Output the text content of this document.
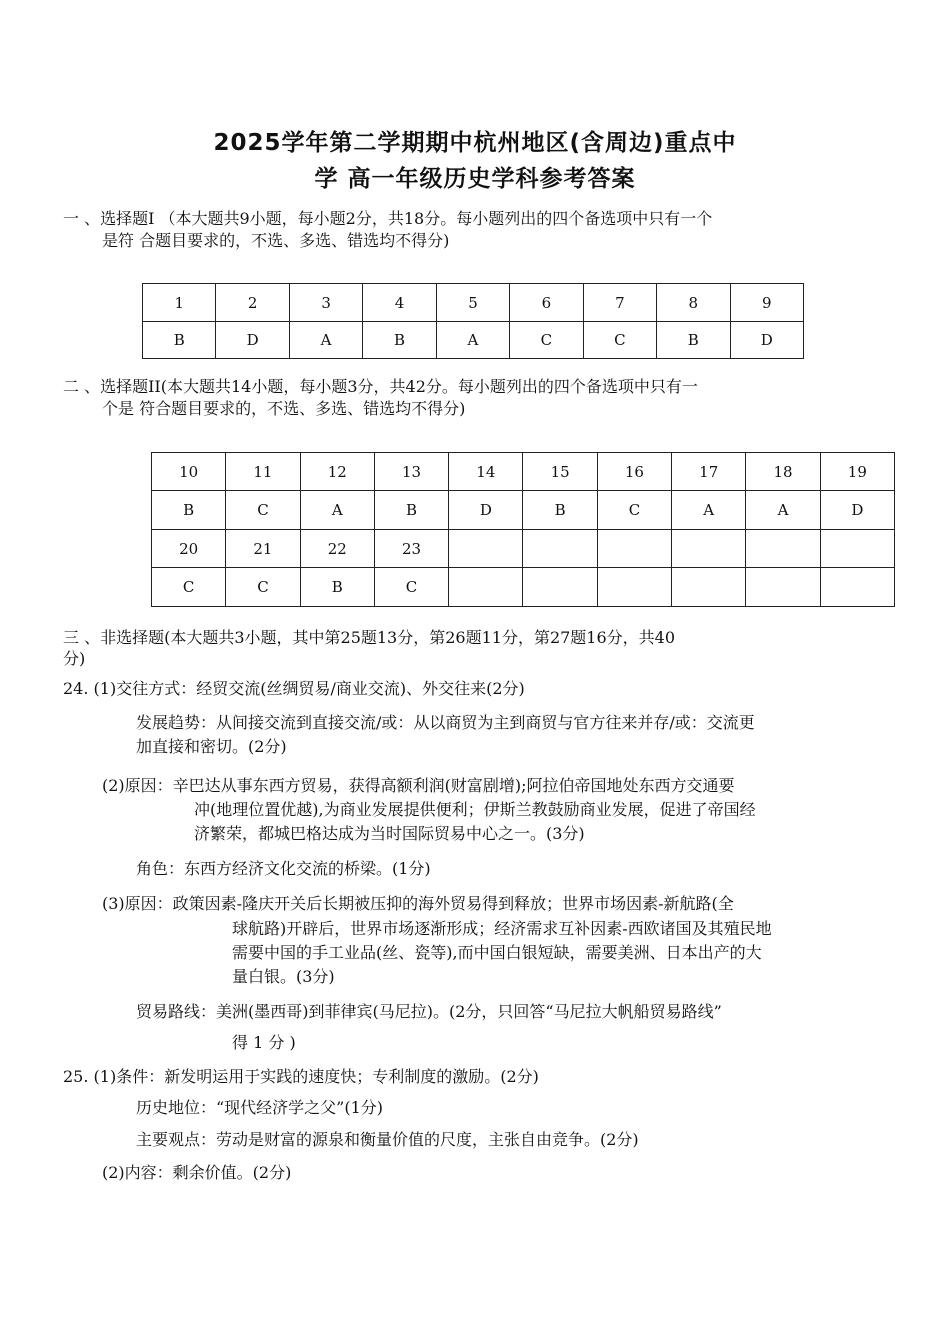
2025学年第二学期期中杭州地区(含周边)重点中
学 高一年级历史学科参考答案
一 、选择题I （本大题共9小题，每小题2分，共18分。每小题列出的四个备选项中只有一个
是符 合题目要求的，不选、多选、错选均不得分)
1	2	3	4	5	6	7	8	9
B	D	A	B	A	C	C	B	D
二 、选择题II(本大题共14小题，每小题3分，共42分。每小题列出的四个备选项中只有一
个是 符合题目要求的，不选、多选、错选均不得分)
10	11	12	13	14	15	16	17	18	19
B	C	A	B	D	B	C	A	A	D
20	21	22	23						
C	C	B	C						
三 、非选择题(本大题共3小题，其中第25题13分，第26题11分，第27题16分，共40
分)
24. (1)交往方式：经贸交流(丝绸贸易/商业交流)、外交往来(2分)
发展趋势：从间接交流到直接交流/或：从以商贸为主到商贸与官方往来并存/或：交流更
加直接和密切。(2分)
(2)原因：辛巴达从事东西方贸易，获得高额利润(财富剧增);阿拉伯帝国地处东西方交通要
冲(地理位置优越),为商业发展提供便利；伊斯兰教鼓励商业发展，促进了帝国经
济繁荣，都城巴格达成为当时国际贸易中心之一。(3分)
角色：东西方经济文化交流的桥梁。(1分)
(3)原因：政策因素-隆庆开关后长期被压抑的海外贸易得到释放；世界市场因素-新航路(全
球航路)开辟后，世界市场逐渐形成；经济需求互补因素-西欧诸国及其殖民地
需要中国的手工业品(丝、瓷等),而中国白银短缺，需要美洲、日本出产的大
量白银。(3分)
贸易路线：美洲(墨西哥)到菲律宾(马尼拉)。(2分，只回答“马尼拉大帆船贸易路线”
得 1 分 )
25. (1)条件：新发明运用于实践的速度快；专利制度的激励。(2分)
历史地位：“现代经济学之父”(1分)
主要观点：劳动是财富的源泉和衡量价值的尺度，主张自由竞争。(2分)
(2)内容：剩余价值。(2分)
